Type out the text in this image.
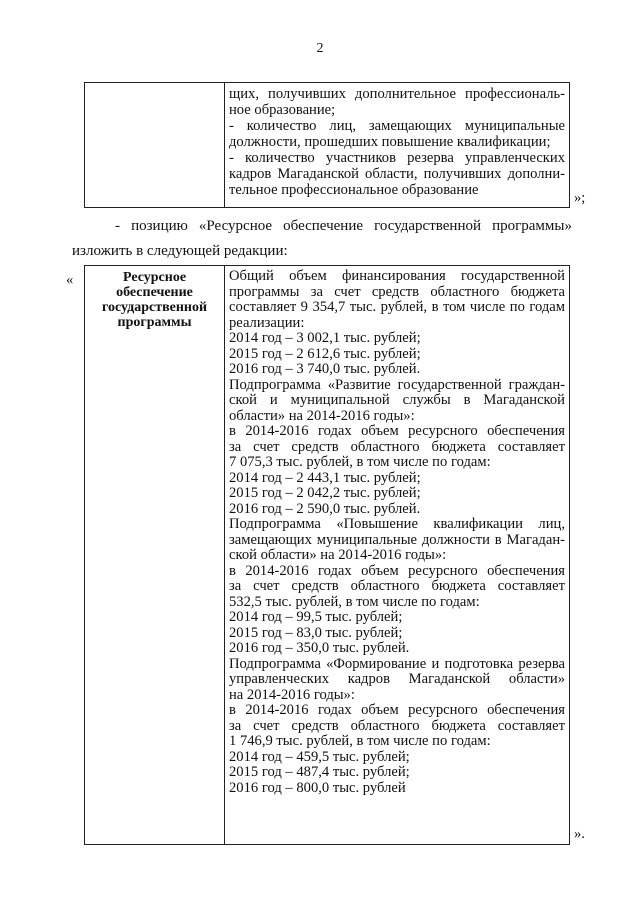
2
щих, получивших дополнительное профессиональ-
ное образование;
- количество лиц, замещающих муниципальные
должности, прошедших повышение квалификации;
- количество участников резерва управленческих
кадров Магаданской области, получивших дополни-
тельное профессиональное образование	»;
- позицию «Ресурсное обеспечение государственной программы»
изложить в следующей редакции:
«	Ресурсное
обеспечение
государственной
программы
Общий объем финансирования государственной
программы за счет средств областного бюджета
составляет 9 354,7 тыс. рублей, в том числе по годам
реализации:
2014 год – 3 002,1 тыс. рублей;
2015 год – 2 612,6 тыс. рублей;
2016 год – 3 740,0 тыс. рублей.
Подпрограмма «Развитие государственной граждан-
ской и муниципальной службы в Магаданской
области» на 2014-2016 годы»:
в 2014-2016 годах объем ресурсного обеспечения
за счет средств областного бюджета составляет
7 075,3 тыс. рублей, в том числе по годам:
2014 год – 2 443,1 тыс. рублей;
2015 год – 2 042,2 тыс. рублей;
2016 год – 2 590,0 тыс. рублей.
Подпрограмма «Повышение квалификации лиц,
замещающих муниципальные должности в Магадан-
ской области» на 2014-2016 годы»:
в 2014-2016 годах объем ресурсного обеспечения
за счет средств областного бюджета составляет
532,5 тыс. рублей, в том числе по годам:
2014 год – 99,5 тыс. рублей;
2015 год – 83,0 тыс. рублей;
2016 год – 350,0 тыс. рублей.
Подпрограмма «Формирование и подготовка резерва
управленческих кадров Магаданской области»
на 2014-2016 годы»:
в 2014-2016 годах объем ресурсного обеспечения
за счет средств областного бюджета составляет
1 746,9 тыс. рублей, в том числе по годам:
2014 год – 459,5 тыс. рублей;
2015 год – 487,4 тыс. рублей;
2016 год – 800,0 тыс. рублей
».
